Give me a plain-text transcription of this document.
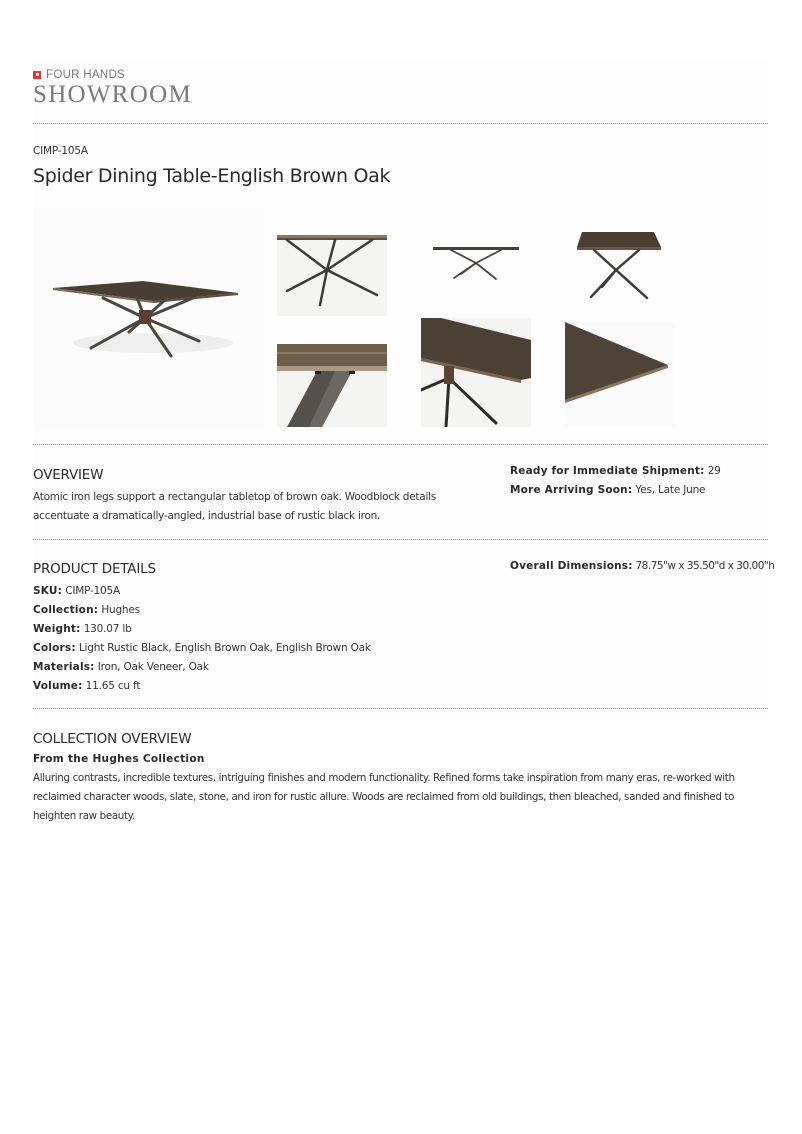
FOUR HANDS
SHOWROOM
CIMP-105A
Spider Dining Table-English Brown Oak
OVERVIEW
Atomic iron legs support a rectangular tabletop of brown oak. Woodblock details accentuate a dramatically-angled, industrial base of rustic black iron.
Ready for Immediate Shipment: 29
More Arriving Soon: Yes, Late June
PRODUCT DETAILS
SKU: CIMP-105A
Collection: Hughes
Weight: 130.07 lb
Colors: Light Rustic Black, English Brown Oak, English Brown Oak
Materials: Iron, Oak Veneer, Oak
Volume: 11.65 cu ft
Overall Dimensions: 78.75"w x 35.50"d x 30.00"h
COLLECTION OVERVIEW
From the Hughes Collection
Alluring contrasts, incredible textures, intriguing finishes and modern functionality. Refined forms take inspiration from many eras, re-worked with
reclaimed character woods, slate, stone, and iron for rustic allure. Woods are reclaimed from old buildings, then bleached, sanded and finished to
heighten raw beauty.
